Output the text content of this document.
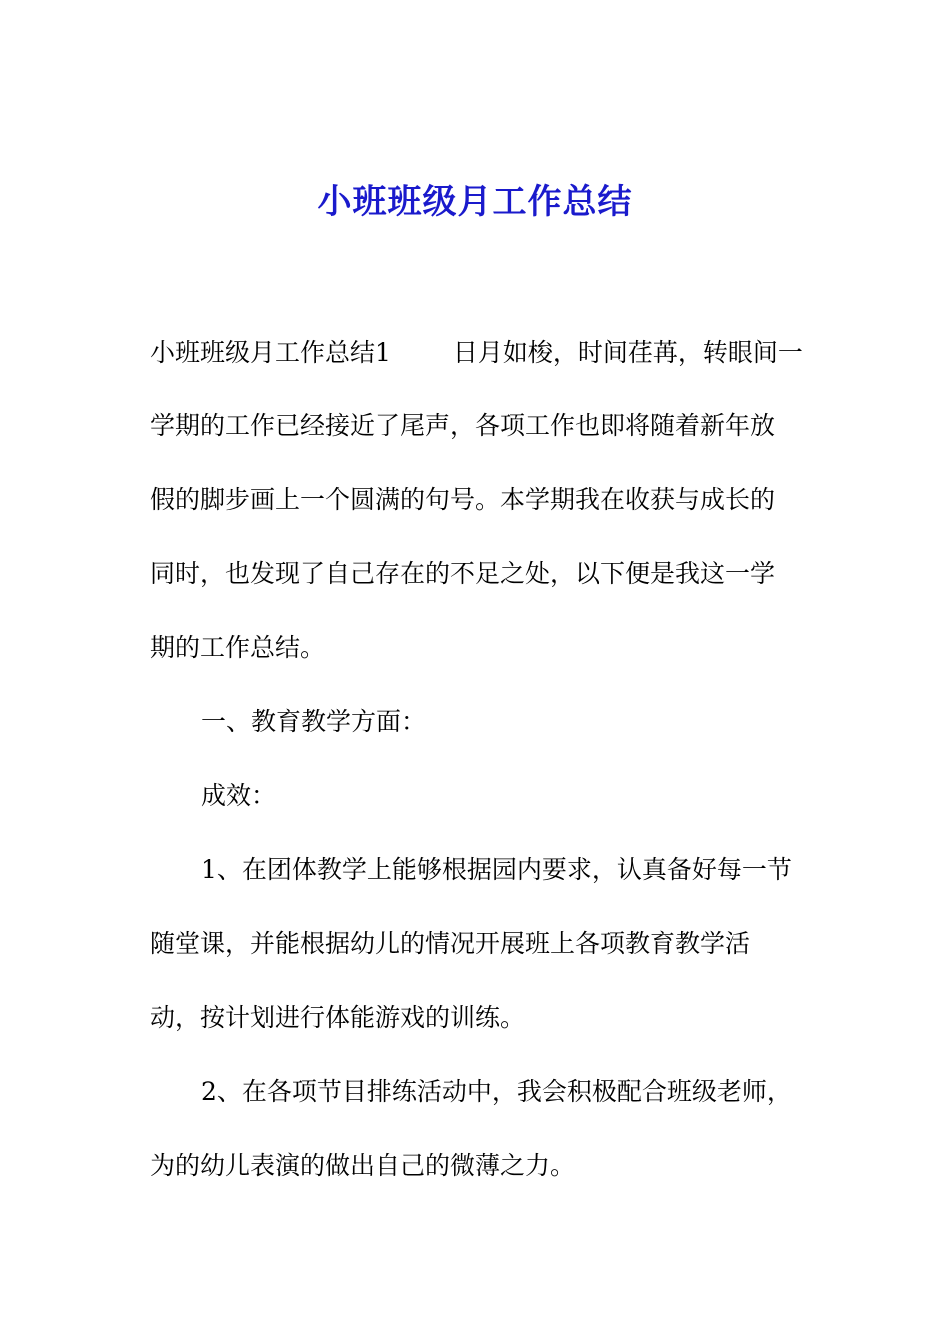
小班班级月工作总结
小班班级月工作总结1 日月如梭，时间荏苒，转眼间一
学期的工作已经接近了尾声，各项工作也即将随着新年放
假的脚步画上一个圆满的句号。本学期我在收获与成长的
同时，也发现了自己存在的不足之处，以下便是我这一学
期的工作总结。
一、教育教学方面：
成效：
1、在团体教学上能够根据园内要求，认真备好每一节
随堂课，并能根据幼儿的情况开展班上各项教育教学活
动，按计划进行体能游戏的训练。
2、在各项节目排练活动中，我会积极配合班级老师，
为的幼儿表演的做出自己的微薄之力。
